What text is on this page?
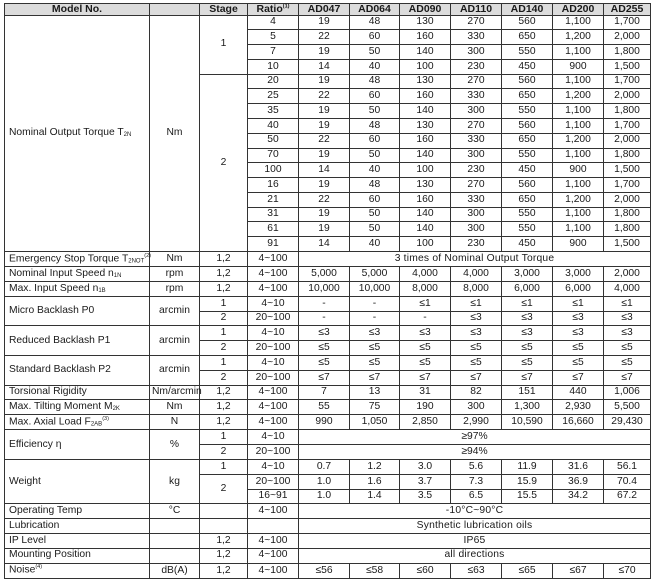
Model No.		Stage	Ratio$^{(1)}$	AD047	AD064	AD090	AD110	AD140	AD200	AD255
Nominal Output Torque $T_{2N}$	Nm	1	4	19	48	130	270	560	1,100	1,700
			5	22	60	160	330	650	1,200	2,000
			7	19	50	140	300	550	1,100	1,800
			10	14	40	100	230	450	900	1,500
		2	20	19	48	130	270	560	1,100	1,700
			25	22	60	160	330	650	1,200	2,000
			35	19	50	140	300	550	1,100	1,800
			40	19	48	130	270	560	1,100	1,700
			50	22	60	160	330	650	1,200	2,000
			70	19	50	140	300	550	1,100	1,800
			100	14	40	100	230	450	900	1,500
			16	19	48	130	270	560	1,100	1,700
			21	22	60	160	330	650	1,200	2,000
			31	19	50	140	300	550	1,100	1,800
			61	19	50	140	300	550	1,100	1,800
			91	14	40	100	230	450	900	1,500
Emergency Stop Torque $T_{2NOT}^{(2)}$	Nm	1,2	4~100	3 times of Nominal Output Torque						
Nominal Input Speed $n_{1N}$	rpm	1,2	4~100	5,000	5,000	4,000	4,000	3,000	3,000	2,000
Max. Input Speed $n_{1B}$	rpm	1,2	4~100	10,000	10,000	8,000	8,000	6,000	6,000	4,000
Micro Backlash P0	arcmin	1	4~10	-	-	≤1	≤1	≤1	≤1	≤1
		2	20~100	-	-	-	≤3	≤3	≤3	≤3
Reduced Backlash P1	arcmin	1	4~10	≤3	≤3	≤3	≤3	≤3	≤3	≤3
		2	20~100	≤5	≤5	≤5	≤5	≤5	≤5	≤5
Standard Backlash P2	arcmin	1	4~10	≤5	≤5	≤5	≤5	≤5	≤5	≤5
		2	20~100	≤7	≤7	≤7	≤7	≤7	≤7	≤7
Torsional Rigidity	Nm/arcmin	1,2	4~100	7	13	31	82	151	440	1,006
Max. Tilting Moment $M_{2K}$	Nm	1,2	4~100	55	75	190	300	1,300	2,930	5,500
Max. Axial Load $F_{2AB}^{(3)}$	N	1,2	4~100	990	1,050	2,850	2,990	10,590	16,660	29,430
Efficiency η	%	1	4~10	≥97%						
		2	20~100	≥94%						
Weight	kg	1	4~10	0.7	1.2	3.0	5.6	11.9	31.6	56.1
		2	20~100	1.0	1.6	3.7	7.3	15.9	36.9	70.4
			16~91	1.0	1.4	3.5	6.5	15.5	34.2	67.2
Operating Temp	°C		4~100	-10°C~90°C						
Lubrication				Synthetic lubrication oils						
IP Level		1,2	4~100	IP65						
Mounting Position		1,2	4~100	all directions						
Noise$^{(4)}$	dB(A)	1,2	4~100	≤56	≤58	≤60	≤63	≤65	≤67	≤70
